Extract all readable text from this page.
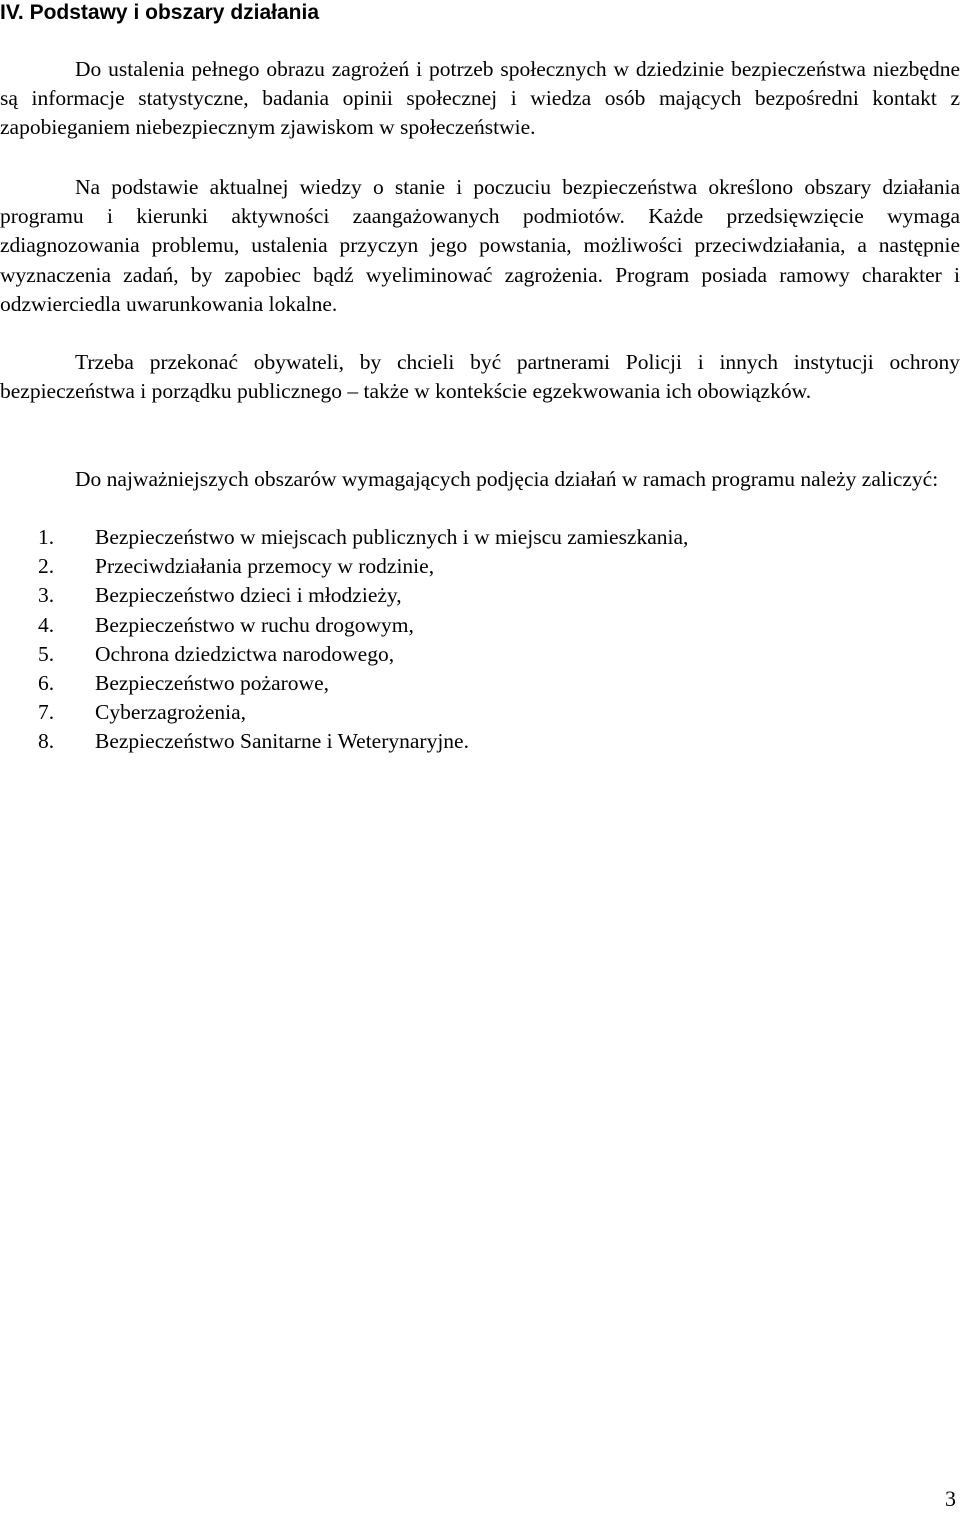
IV. Podstawy i obszary działania

Do ustalenia pełnego obrazu zagrożeń i potrzeb społecznych w dziedzinie bezpieczeństwa niezbędne są informacje statystyczne, badania opinii społecznej i wiedza osób mających bezpośredni kontakt z zapobieganiem niebezpiecznym zjawiskom w społeczeństwie.

Na podstawie aktualnej wiedzy o stanie i poczuciu bezpieczeństwa określono obszary działania programu i kierunki aktywności zaangażowanych podmiotów. Każde przedsięwzięcie wymaga zdiagnozowania problemu, ustalenia przyczyn jego powstania, możliwości przeciwdziałania, a następnie wyznaczenia zadań, by zapobiec bądź wyeliminować zagrożenia. Program posiada ramowy charakter i odzwierciedla uwarunkowania lokalne.

Trzeba przekonać obywateli, by chcieli być partnerami Policji i innych instytucji ochrony bezpieczeństwa i porządku publicznego – także w kontekście egzekwowania ich obowiązków.

Do najważniejszych obszarów wymagających podjęcia działań w ramach programu należy zaliczyć:

1. Bezpieczeństwo w miejscach publicznych i w miejscu zamieszkania,
2. Przeciwdziałania przemocy w rodzinie,
3. Bezpieczeństwo dzieci i młodzieży,
4. Bezpieczeństwo w ruchu drogowym,
5. Ochrona dziedzictwa narodowego,
6. Bezpieczeństwo pożarowe,
7. Cyberzagrożenia,
8. Bezpieczeństwo Sanitarne i Weterynaryjne.
3
